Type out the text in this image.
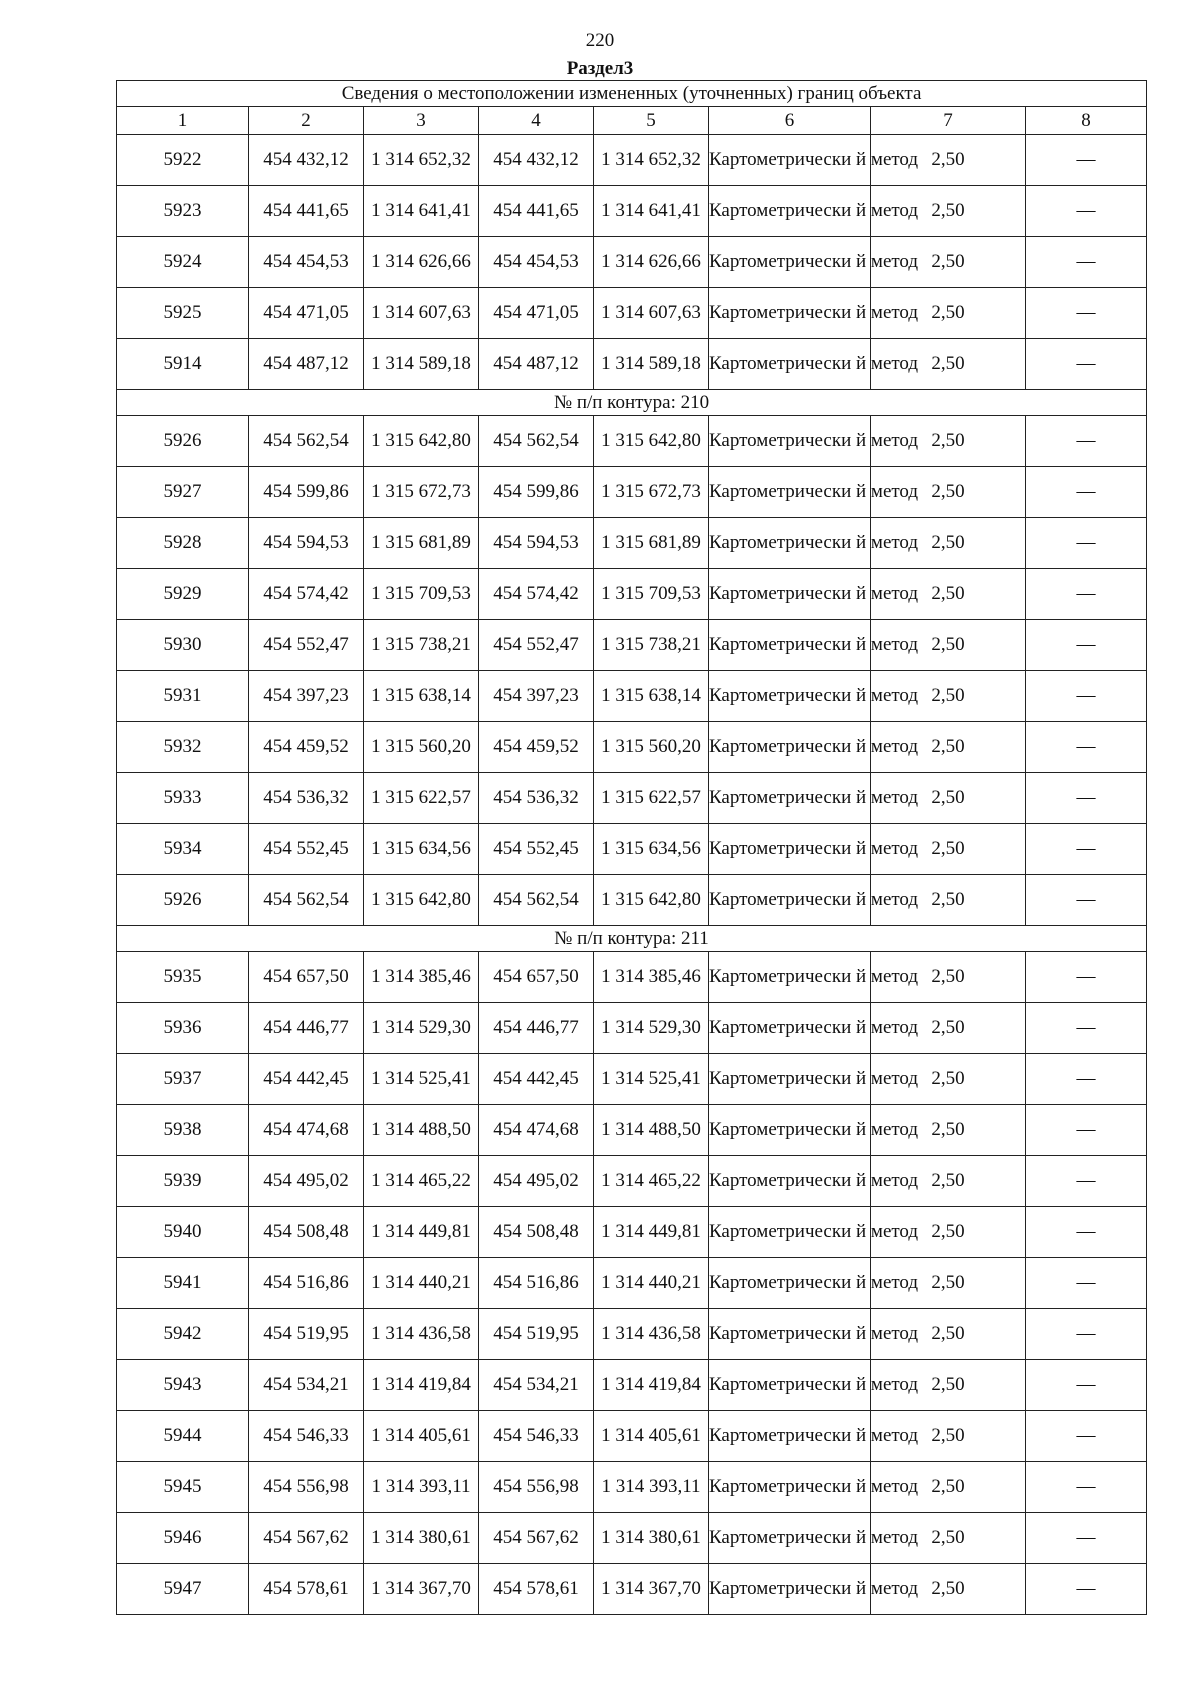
220
Раздел3
Сведения о местоположении измененных (уточненных) границ объекта							
1	2	3	4	5	6	7	8
5922	454 432,12	1 314 652,32	454 432,12	1 314 652,32	Картометрически й метод	2,50	—
5923	454 441,65	1 314 641,41	454 441,65	1 314 641,41	Картометрически й метод	2,50	—
5924	454 454,53	1 314 626,66	454 454,53	1 314 626,66	Картометрически й метод	2,50	—
5925	454 471,05	1 314 607,63	454 471,05	1 314 607,63	Картометрически й метод	2,50	—
5914	454 487,12	1 314 589,18	454 487,12	1 314 589,18	Картометрически й метод	2,50	—
№ п/п контура: 210							
5926	454 562,54	1 315 642,80	454 562,54	1 315 642,80	Картометрически й метод	2,50	—
5927	454 599,86	1 315 672,73	454 599,86	1 315 672,73	Картометрически й метод	2,50	—
5928	454 594,53	1 315 681,89	454 594,53	1 315 681,89	Картометрически й метод	2,50	—
5929	454 574,42	1 315 709,53	454 574,42	1 315 709,53	Картометрически й метод	2,50	—
5930	454 552,47	1 315 738,21	454 552,47	1 315 738,21	Картометрически й метод	2,50	—
5931	454 397,23	1 315 638,14	454 397,23	1 315 638,14	Картометрически й метод	2,50	—
5932	454 459,52	1 315 560,20	454 459,52	1 315 560,20	Картометрически й метод	2,50	—
5933	454 536,32	1 315 622,57	454 536,32	1 315 622,57	Картометрически й метод	2,50	—
5934	454 552,45	1 315 634,56	454 552,45	1 315 634,56	Картометрически й метод	2,50	—
5926	454 562,54	1 315 642,80	454 562,54	1 315 642,80	Картометрически й метод	2,50	—
№ п/п контура: 211							
5935	454 657,50	1 314 385,46	454 657,50	1 314 385,46	Картометрически й метод	2,50	—
5936	454 446,77	1 314 529,30	454 446,77	1 314 529,30	Картометрически й метод	2,50	—
5937	454 442,45	1 314 525,41	454 442,45	1 314 525,41	Картометрически й метод	2,50	—
5938	454 474,68	1 314 488,50	454 474,68	1 314 488,50	Картометрически й метод	2,50	—
5939	454 495,02	1 314 465,22	454 495,02	1 314 465,22	Картометрически й метод	2,50	—
5940	454 508,48	1 314 449,81	454 508,48	1 314 449,81	Картометрически й метод	2,50	—
5941	454 516,86	1 314 440,21	454 516,86	1 314 440,21	Картометрически й метод	2,50	—
5942	454 519,95	1 314 436,58	454 519,95	1 314 436,58	Картометрически й метод	2,50	—
5943	454 534,21	1 314 419,84	454 534,21	1 314 419,84	Картометрически й метод	2,50	—
5944	454 546,33	1 314 405,61	454 546,33	1 314 405,61	Картометрически й метод	2,50	—
5945	454 556,98	1 314 393,11	454 556,98	1 314 393,11	Картометрически й метод	2,50	—
5946	454 567,62	1 314 380,61	454 567,62	1 314 380,61	Картометрически й метод	2,50	—
5947	454 578,61	1 314 367,70	454 578,61	1 314 367,70	Картометрически й метод	2,50	—
